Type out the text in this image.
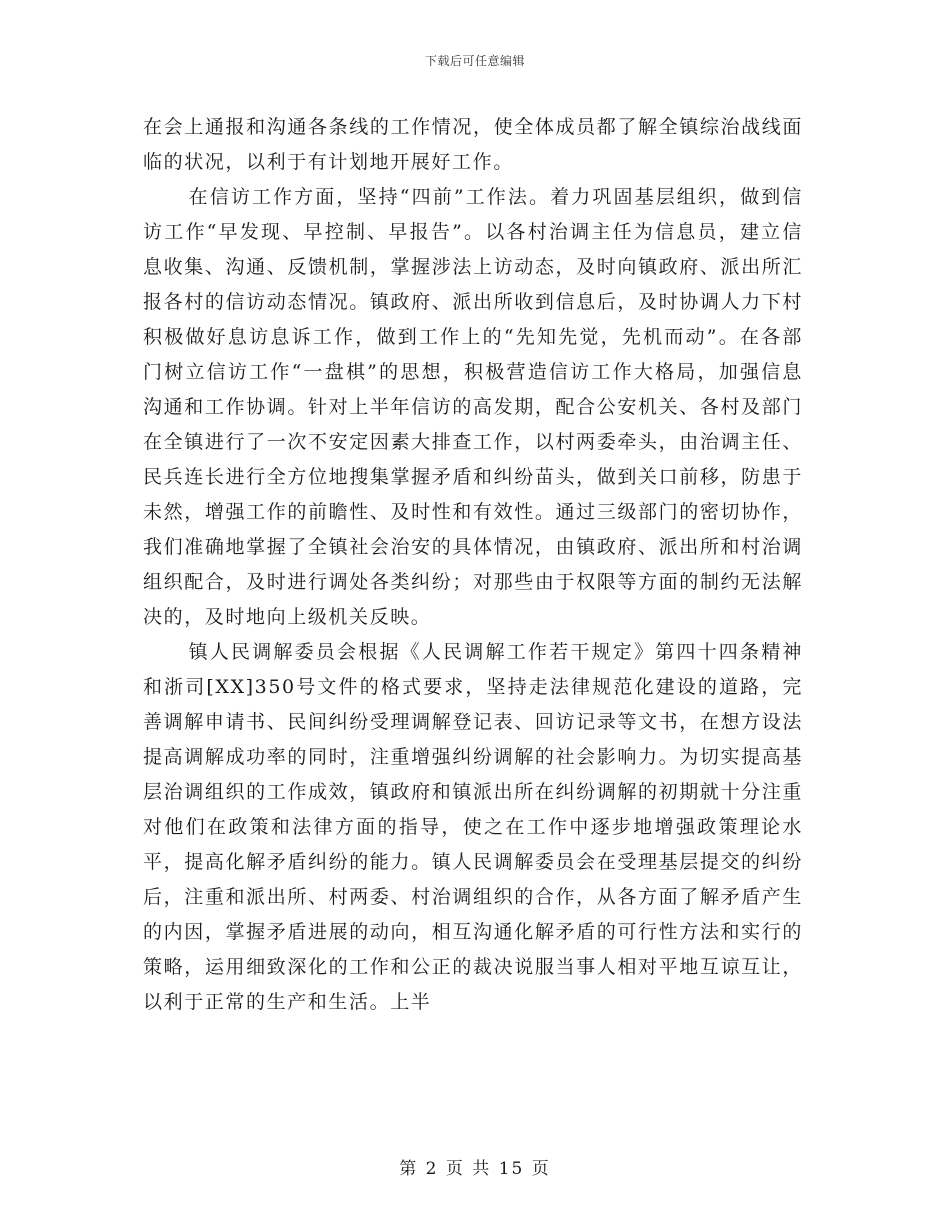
下载后可任意编辑

在会上通报和沟通各条线的工作情况，使全体成员都了解全镇综治战线面临的状况，以利于有计划地开展好工作。

在信访工作方面，坚持“四前”工作法。着力巩固基层组织，做到信访工作“早发现、早控制、早报告”。以各村治调主任为信息员，建立信息收集、沟通、反馈机制，掌握涉法上访动态，及时向镇政府、派出所汇报各村的信访动态情况。镇政府、派出所收到信息后，及时协调人力下村积极做好息访息诉工作，做到工作上的“先知先觉，先机而动”。在各部门树立信访工作“一盘棋”的思想，积极营造信访工作大格局，加强信息沟通和工作协调。针对上半年信访的高发期，配合公安机关、各村及部门在全镇进行了一次不安定因素大排查工作，以村两委牵头，由治调主任、民兵连长进行全方位地搜集掌握矛盾和纠纷苗头，做到关口前移，防患于未然，增强工作的前瞻性、及时性和有效性。通过三级部门的密切协作，我们准确地掌握了全镇社会治安的具体情况，由镇政府、派出所和村治调组织配合，及时进行调处各类纠纷；对那些由于权限等方面的制约无法解决的，及时地向上级机关反映。

镇人民调解委员会根据《人民调解工作若干规定》第四十四条精神和浙司[XX]350号文件的格式要求，坚持走法律规范化建设的道路，完善调解申请书、民间纠纷受理调解登记表、回访记录等文书，在想方设法提高调解成功率的同时，注重增强纠纷调解的社会影响力。为切实提高基层治调组织的工作成效，镇政府和镇派出所在纠纷调解的初期就十分注重对他们在政策和法律方面的指导，使之在工作中逐步地增强政策理论水平，提高化解矛盾纠纷的能力。镇人民调解委员会在受理基层提交的纠纷后，注重和派出所、村两委、村治调组织的合作，从各方面了解矛盾产生的内因，掌握矛盾进展的动向，相互沟通化解矛盾的可行性方法和实行的策略，运用细致深化的工作和公正的裁决说服当事人相对平地互谅互让，以利于正常的生产和生活。上半

第 2 页 共 15 页
